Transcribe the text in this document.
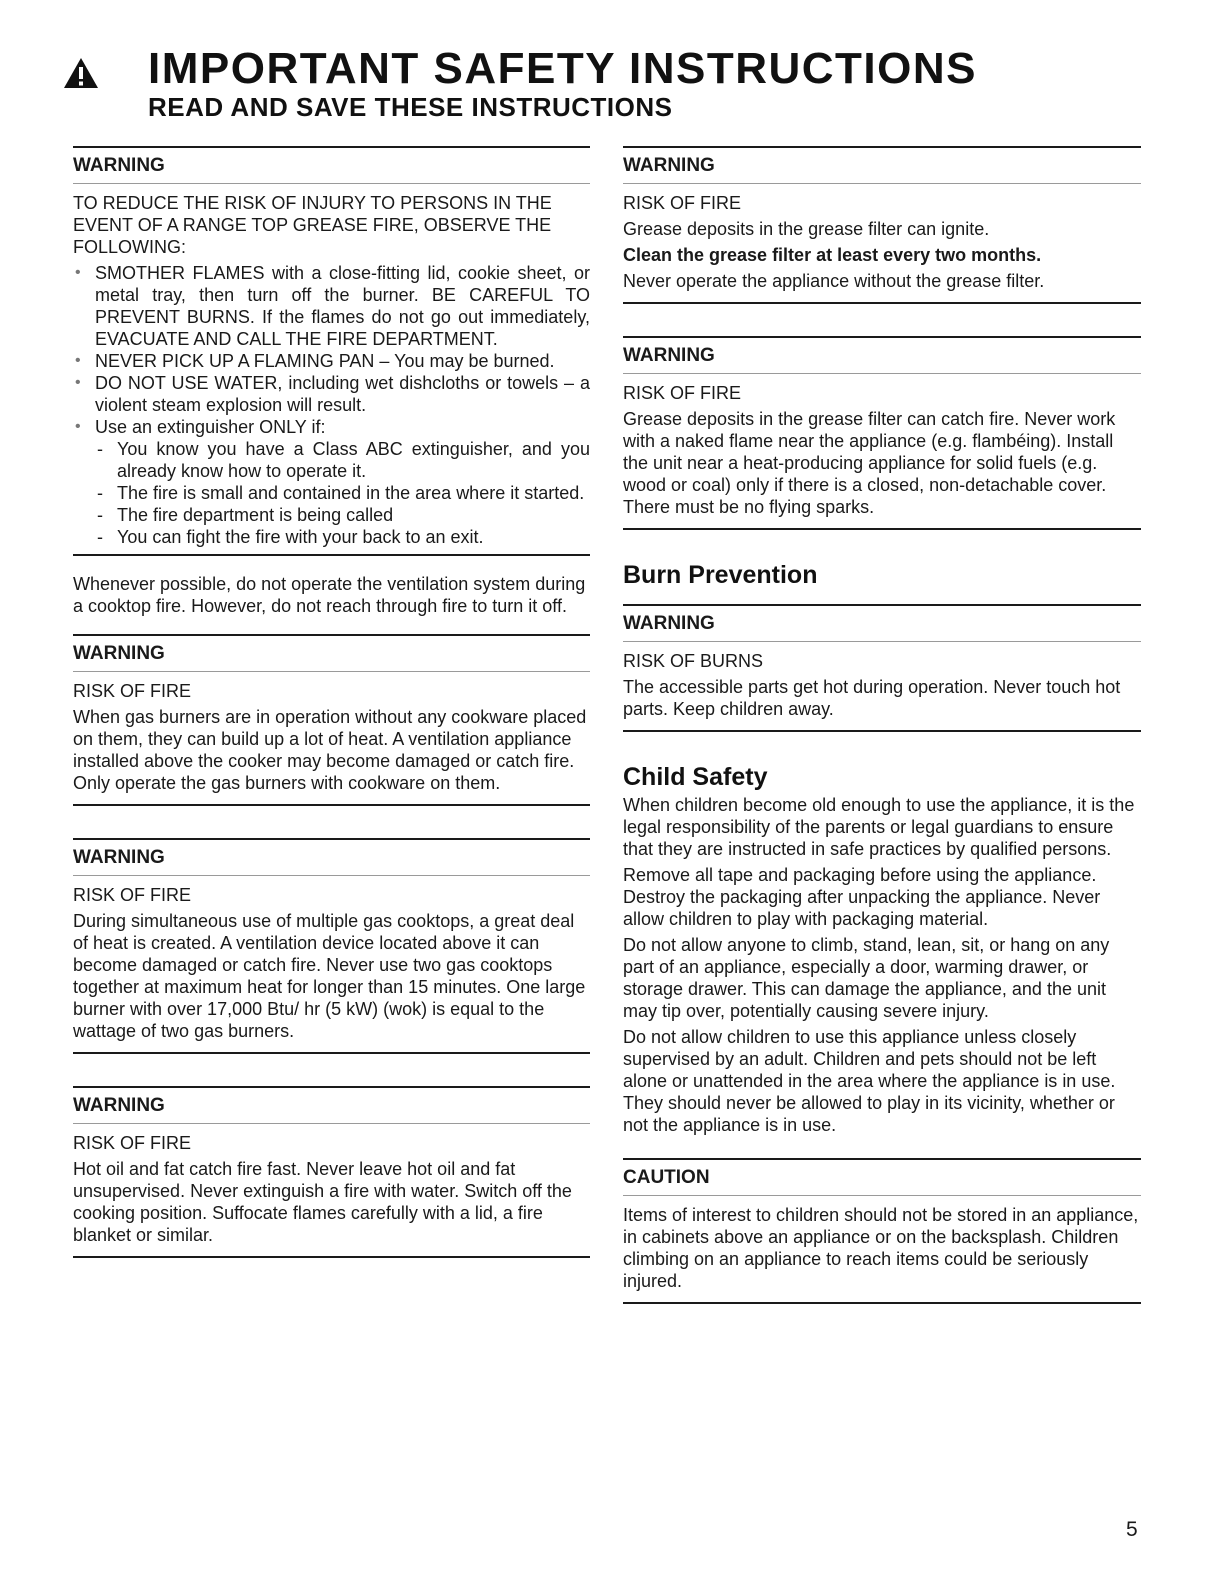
IMPORTANT SAFETY INSTRUCTIONS
READ AND SAVE THESE INSTRUCTIONS
WARNING

TO REDUCE THE RISK OF INJURY TO PERSONS IN THE EVENT OF A RANGE TOP GREASE FIRE, OBSERVE THE FOLLOWING:

• SMOTHER FLAMES with a close-fitting lid, cookie sheet, or metal tray, then turn off the burner. BE CAREFUL TO PREVENT BURNS. If the flames do not go out immediately, EVACUATE AND CALL THE FIRE DEPARTMENT.
• NEVER PICK UP A FLAMING PAN – You may be burned.
• DO NOT USE WATER, including wet dishcloths or towels – a violent steam explosion will result.
• Use an extinguisher ONLY if:
- You know you have a Class ABC extinguisher, and you already know how to operate it.
- The fire is small and contained in the area where it started.
- The fire department is being called
- You can fight the fire with your back to an exit.

Whenever possible, do not operate the ventilation system during a cooktop fire. However, do not reach through fire to turn it off.

WARNING

RISK OF FIRE

When gas burners are in operation without any cookware placed on them, they can build up a lot of heat. A ventilation appliance installed above the cooker may become damaged or catch fire. Only operate the gas burners with cookware on them.

WARNING

RISK OF FIRE

During simultaneous use of multiple gas cooktops, a great deal of heat is created. A ventilation device located above it can become damaged or catch fire. Never use two gas cooktops together at maximum heat for longer than 15 minutes. One large burner with over 17,000 Btu/ hr (5 kW) (wok) is equal to the wattage of two gas burners.

WARNING

RISK OF FIRE

Hot oil and fat catch fire fast. Never leave hot oil and fat unsupervised. Never extinguish a fire with water. Switch off the cooking position. Suffocate flames carefully with a lid, a fire blanket or similar.

WARNING

RISK OF FIRE

Grease deposits in the grease filter can ignite.

Clean the grease filter at least every two months.

Never operate the appliance without the grease filter.

WARNING

RISK OF FIRE

Grease deposits in the grease filter can catch fire. Never work with a naked flame near the appliance (e.g. flambéing). Install the unit near a heat-producing appliance for solid fuels (e.g. wood or coal) only if there is a closed, non-detachable cover. There must be no flying sparks.

Burn Prevention
WARNING

RISK OF BURNS

The accessible parts get hot during operation. Never touch hot parts. Keep children away.

Child Safety

When children become old enough to use the appliance, it is the legal responsibility of the parents or legal guardians to ensure that they are instructed in safe practices by qualified persons.

Remove all tape and packaging before using the appliance. Destroy the packaging after unpacking the appliance. Never allow children to play with packaging material.

Do not allow anyone to climb, stand, lean, sit, or hang on any part of an appliance, especially a door, warming drawer, or storage drawer. This can damage the appliance, and the unit may tip over, potentially causing severe injury.

Do not allow children to use this appliance unless closely supervised by an adult. Children and pets should not be left alone or unattended in the area where the appliance is in use. They should never be allowed to play in its vicinity, whether or not the appliance is in use.

CAUTION

Items of interest to children should not be stored in an appliance, in cabinets above an appliance or on the backsplash. Children climbing on an appliance to reach items could be seriously injured.

5
